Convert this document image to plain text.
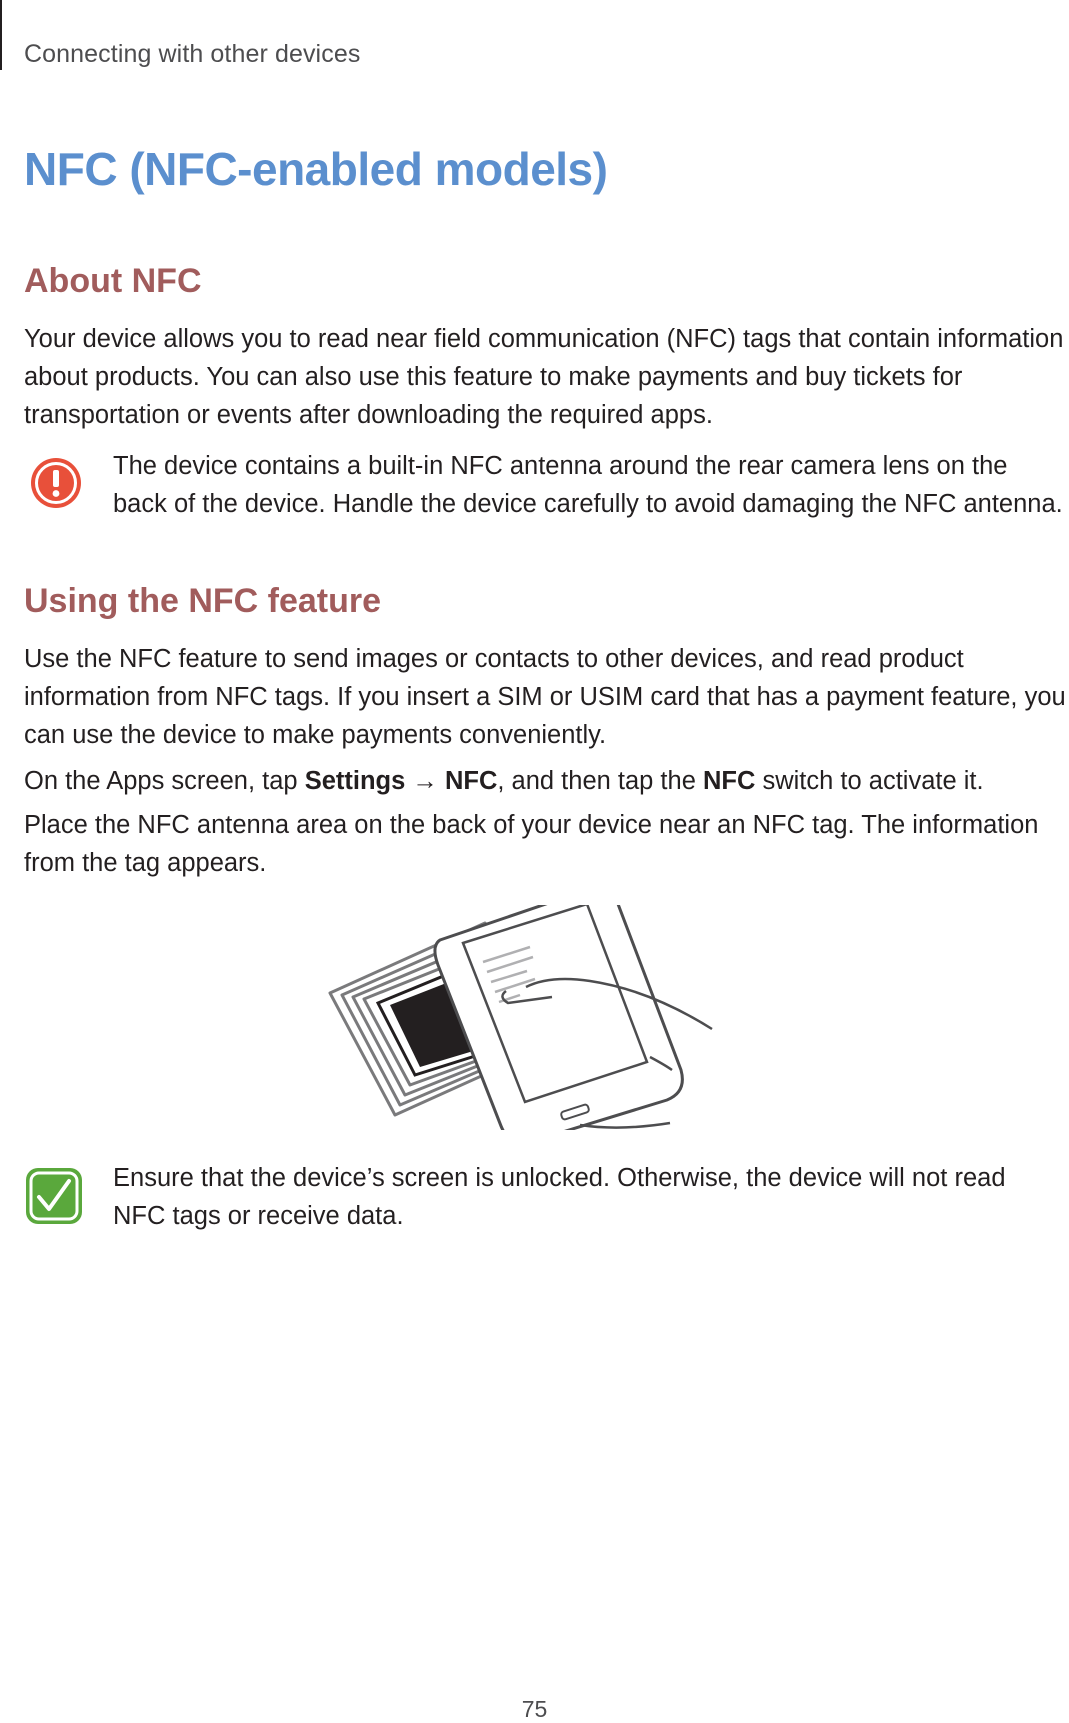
Connecting with other devices
NFC (NFC-enabled models)
About NFC
Your device allows you to read near field communication (NFC) tags that contain information about products. You can also use this feature to make payments and buy tickets for transportation or events after downloading the required apps.
The device contains a built-in NFC antenna around the rear camera lens on the back of the device. Handle the device carefully to avoid damaging the NFC antenna.
Using the NFC feature
Use the NFC feature to send images or contacts to other devices, and read product information from NFC tags. If you insert a SIM or USIM card that has a payment feature, you can use the device to make payments conveniently.
On the Apps screen, tap Settings → NFC, and then tap the NFC switch to activate it.
Place the NFC antenna area on the back of your device near an NFC tag. The information from the tag appears.
Ensure that the device’s screen is unlocked. Otherwise, the device will not read NFC tags or receive data.
75
